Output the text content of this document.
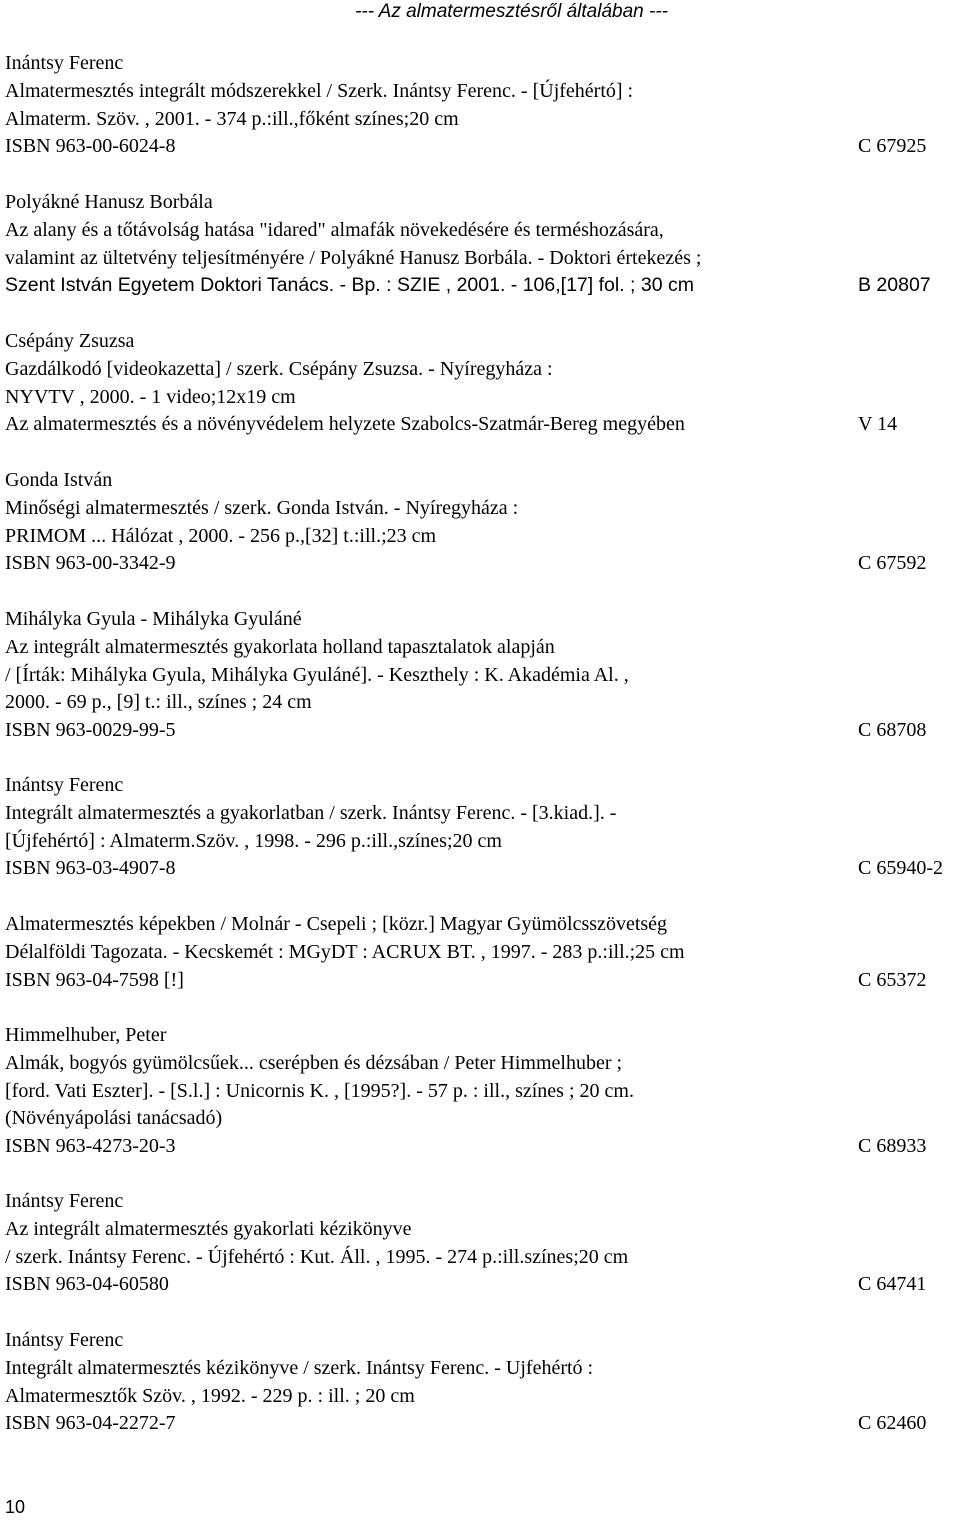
--- Az almatermesztésről általában ---
Inántsy Ferenc
Almatermesztés integrált módszerekkel / Szerk. Inántsy Ferenc. - [Újfehértó] :
Almaterm. Szöv. , 2001. - 374 p.:ill.,főként színes;20 cm
ISBN 963-00-6024-8	C 67925
Polyákné Hanusz Borbála
Az alany és a tőtávolság hatása "idared" almafák növekedésére és terméshozására,
valamint az ültetvény teljesítményére / Polyákné Hanusz Borbála. - Doktori értekezés ;
Szent István Egyetem Doktori Tanács. - Bp. : SZIE , 2001. - 106,[17] fol. ; 30 cm	B 20807
Csépány Zsuzsa
Gazdálkodó [videokazetta] / szerk. Csépány Zsuzsa. - Nyíregyháza :
NYVTV , 2000. - 1 video;12x19 cm
Az almatermesztés és a növényvédelem helyzete Szabolcs-Szatmár-Bereg megyében	V 14
Gonda István
Minőségi almatermesztés / szerk. Gonda István. - Nyíregyháza :
PRIMOM ... Hálózat , 2000. - 256 p.,[32] t.:ill.;23 cm
ISBN 963-00-3342-9	C 67592
Mihályka Gyula - Mihályka Gyuláné
Az integrált almatermesztés gyakorlata holland tapasztalatok alapján
/ [Írták: Mihályka Gyula, Mihályka Gyuláné]. - Keszthely : K. Akadémia Al. ,
2000. - 69 p., [9] t.: ill., színes ; 24 cm
ISBN 963-0029-99-5	C 68708
Inántsy Ferenc
Integrált almatermesztés a gyakorlatban / szerk. Inántsy Ferenc. - [3.kiad.]. -
[Újfehértó] : Almaterm.Szöv. , 1998. - 296 p.:ill.,színes;20 cm
ISBN 963-03-4907-8	C 65940-2
Almatermesztés képekben / Molnár - Csepeli ; [közr.] Magyar Gyümölcsszövetség
Délalföldi Tagozata. - Kecskemét : MGyDT : ACRUX BT. , 1997. - 283 p.:ill.;25 cm
ISBN 963-04-7598 [!]	C 65372
Himmelhuber, Peter
Almák, bogyós gyümölcsűek... cserépben és dézsában / Peter Himmelhuber ;
[ford. Vati Eszter]. - [S.l.] : Unicornis K. , [1995?]. - 57 p. : ill., színes ; 20 cm.
(Növényápolási tanácsadó)
ISBN 963-4273-20-3	C 68933
Inántsy Ferenc
Az integrált almatermesztés gyakorlati kézikönyve
/ szerk. Inántsy Ferenc. - Újfehértó : Kut. Áll. , 1995. - 274 p.:ill.színes;20 cm
ISBN 963-04-60580	C 64741
Inántsy Ferenc
Integrált almatermesztés kézikönyve / szerk. Inántsy Ferenc. - Ujfehértó :
Almatermesztők Szöv. , 1992. - 229 p. : ill. ; 20 cm
ISBN 963-04-2272-7	C 62460
10
